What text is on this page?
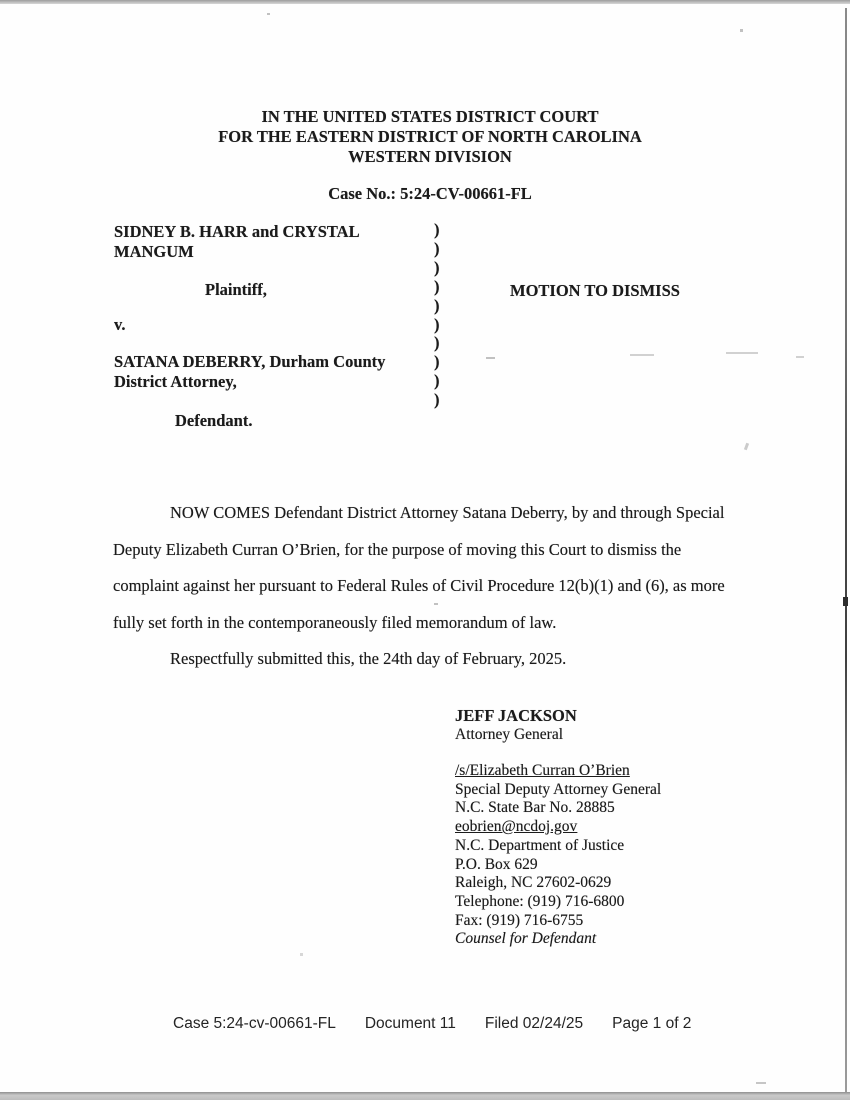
IN THE UNITED STATES DISTRICT COURT
FOR THE EASTERN DISTRICT OF NORTH CAROLINA
WESTERN DIVISION
Case No.: 5:24-CV-00661-FL
SIDNEY B. HARR and CRYSTAL
MANGUM
Plaintiff,
v.
SATANA DEBERRY, Durham County
District Attorney,
Defendant.
)
)
)
)
)
)
)
)
)
)
MOTION TO DISMISS
NOW COMES Defendant District Attorney Satana Deberry, by and through Special
Deputy Elizabeth Curran O’Brien, for the purpose of moving this Court to dismiss the
complaint against her pursuant to Federal Rules of Civil Procedure 12(b)(1) and (6), as more
fully set forth in the contemporaneously filed memorandum of law.
Respectfully submitted this, the 24th day of February, 2025.
JEFF JACKSON
Attorney General
/s/Elizabeth Curran O’Brien
Special Deputy Attorney General
N.C. State Bar No. 28885
eobrien@ncdoj.gov
N.C. Department of Justice
P.O. Box 629
Raleigh, NC 27602-0629
Telephone: (919) 716-6800
Fax: (919) 716-6755
Counsel for Defendant
Case 5:24-cv-00661-FL Document 11 Filed 02/24/25 Page 1 of 2
